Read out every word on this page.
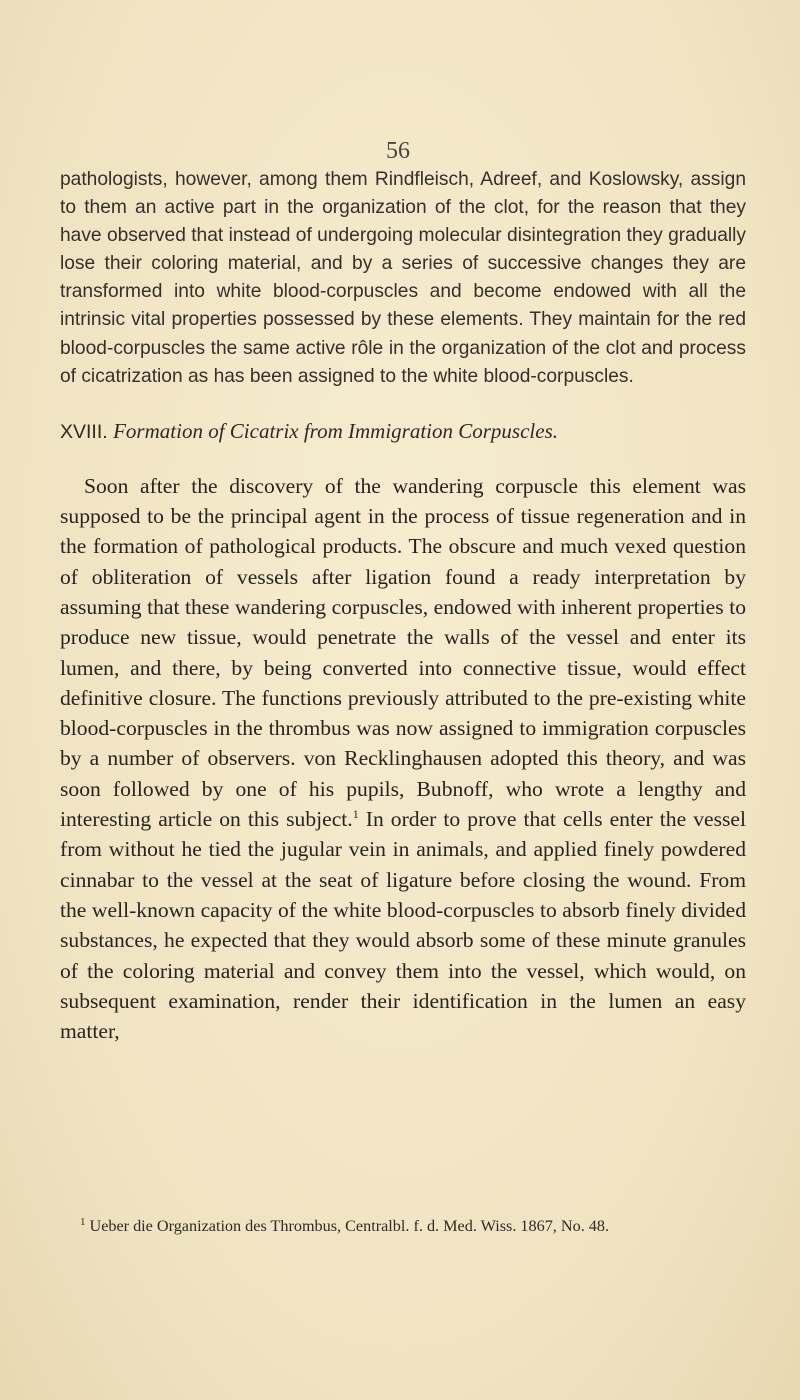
56

pathologists, however, among them Rindfleisch, Adreef, and Koslowsky, assign to them an active part in the organization of the clot, for the reason that they have observed that instead of undergoing molecular disintegration they gradually lose their coloring material, and by a series of successive changes they are transformed into white blood-corpuscles and become endowed with all the intrinsic vital properties possessed by these elements. They maintain for the red blood-corpuscles the same active rôle in the organization of the clot and process of cicatrization as has been assigned to the white blood-corpuscles.

XVIII. Formation of Cicatrix from Immigration Corpuscles.

Soon after the discovery of the wandering corpuscle this element was supposed to be the principal agent in the process of tissue regeneration and in the formation of pathological products. The obscure and much vexed question of obliteration of vessels after ligation found a ready interpretation by assuming that these wandering corpuscles, endowed with inherent properties to produce new tissue, would penetrate the walls of the vessel and enter its lumen, and there, by being converted into connective tissue, would effect definitive closure. The functions previously attributed to the pre-existing white blood-corpuscles in the thrombus was now assigned to immigration corpuscles by a number of observers. von Recklinghausen adopted this theory, and was soon followed by one of his pupils, Bubnoff, who wrote a lengthy and interesting article on this subject.$^1$ In order to prove that cells enter the vessel from without he tied the jugular vein in animals, and applied finely powdered cinnabar to the vessel at the seat of ligature before closing the wound. From the well-known capacity of the white blood-corpuscles to absorb finely divided substances, he expected that they would absorb some of these minute granules of the coloring material and convey them into the vessel, which would, on subsequent examination, render their identification in the lumen an easy matter,

$^1$ Ueber die Organization des Thrombus, Centralbl. f. d. Med. Wiss. 1867, No. 48.
